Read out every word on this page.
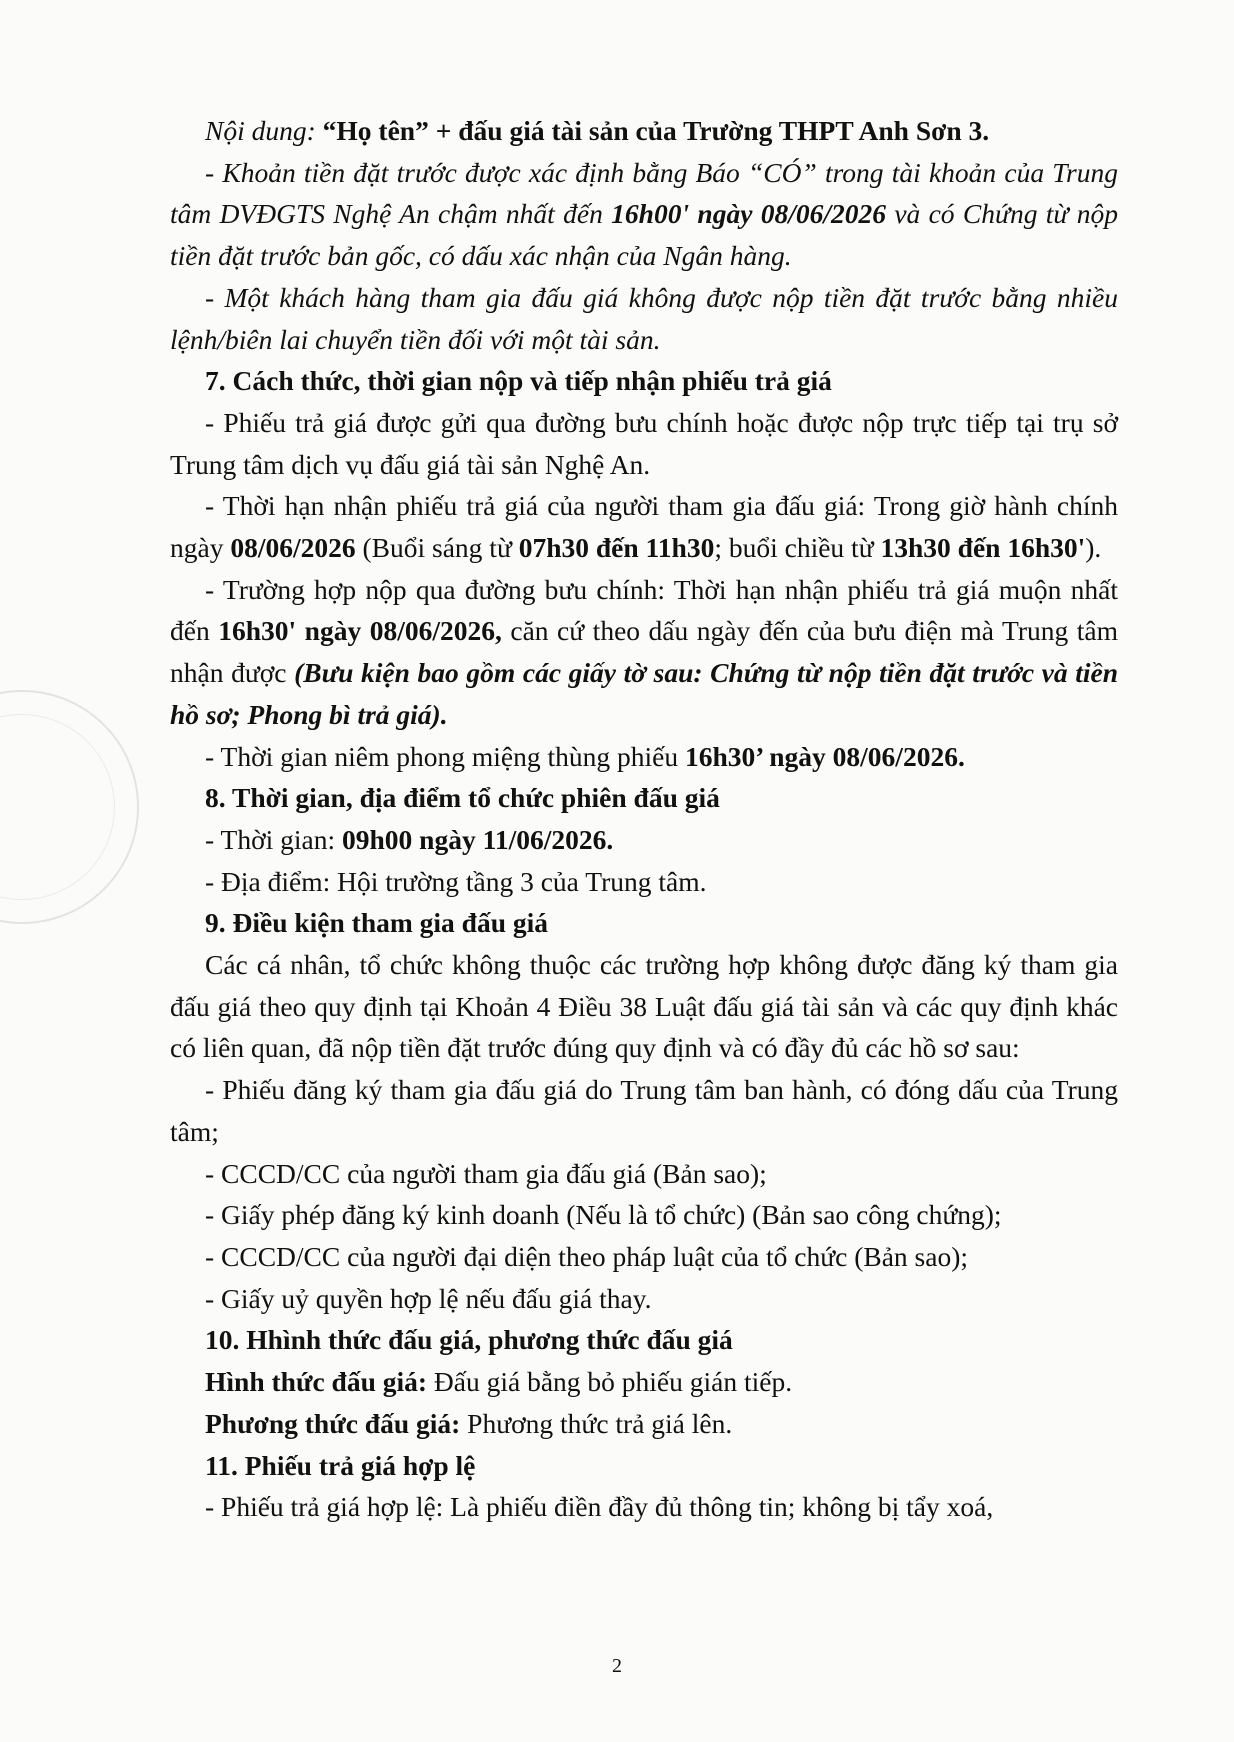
Nội dung: “Họ tên” + đấu giá tài sản của Trường THPT Anh Sơn 3.

- Khoản tiền đặt trước được xác định bằng Báo “CÓ” trong tài khoản của Trung tâm DVĐGTS Nghệ An chậm nhất đến 16h00' ngày 08/06/2026 và có Chứng từ nộp tiền đặt trước bản gốc, có dấu xác nhận của Ngân hàng.

- Một khách hàng tham gia đấu giá không được nộp tiền đặt trước bằng nhiều lệnh/biên lai chuyển tiền đối với một tài sản.

7. Cách thức, thời gian nộp và tiếp nhận phiếu trả giá

- Phiếu trả giá được gửi qua đường bưu chính hoặc được nộp trực tiếp tại trụ sở Trung tâm dịch vụ đấu giá tài sản Nghệ An.

- Thời hạn nhận phiếu trả giá của người tham gia đấu giá: Trong giờ hành chính ngày 08/06/2026 (Buổi sáng từ 07h30 đến 11h30; buổi chiều từ 13h30 đến 16h30').

- Trường hợp nộp qua đường bưu chính: Thời hạn nhận phiếu trả giá muộn nhất đến 16h30' ngày 08/06/2026, căn cứ theo dấu ngày đến của bưu điện mà Trung tâm nhận được (Bưu kiện bao gồm các giấy tờ sau: Chứng từ nộp tiền đặt trước và tiền hồ sơ; Phong bì trả giá).

- Thời gian niêm phong miệng thùng phiếu 16h30’ ngày 08/06/2026.

8. Thời gian, địa điểm tổ chức phiên đấu giá

- Thời gian: 09h00 ngày 11/06/2026.

- Địa điểm: Hội trường tầng 3 của Trung tâm.

9. Điều kiện tham gia đấu giá

Các cá nhân, tổ chức không thuộc các trường hợp không được đăng ký tham gia đấu giá theo quy định tại Khoản 4 Điều 38 Luật đấu giá tài sản và các quy định khác có liên quan, đã nộp tiền đặt trước đúng quy định và có đầy đủ các hồ sơ sau:

- Phiếu đăng ký tham gia đấu giá do Trung tâm ban hành, có đóng dấu của Trung tâm;

- CCCD/CC của người tham gia đấu giá (Bản sao);

- Giấy phép đăng ký kinh doanh (Nếu là tổ chức) (Bản sao công chứng);

- CCCD/CC của người đại diện theo pháp luật của tổ chức (Bản sao);

- Giấy uỷ quyền hợp lệ nếu đấu giá thay.

10. Hhình thức đấu giá, phương thức đấu giá

Hình thức đấu giá: Đấu giá bằng bỏ phiếu gián tiếp.

Phương thức đấu giá: Phương thức trả giá lên.

11. Phiếu trả giá hợp lệ

- Phiếu trả giá hợp lệ: Là phiếu điền đầy đủ thông tin; không bị tẩy xoá,

2
